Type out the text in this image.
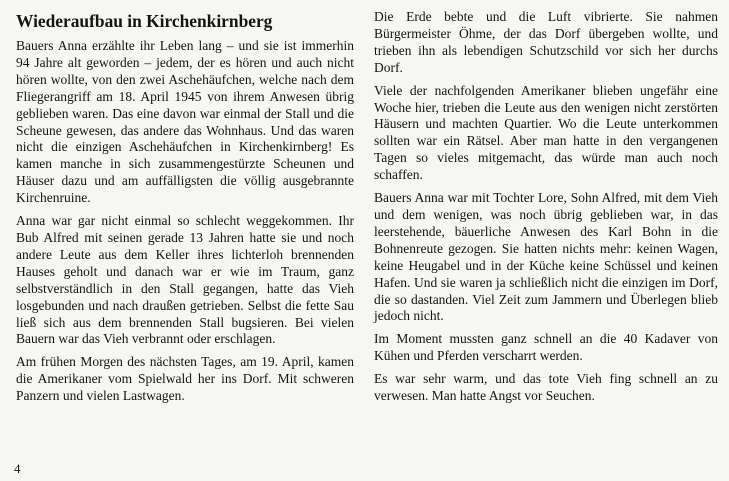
Wiederaufbau in Kirchenkirnberg

Bauers Anna erzählte ihr Leben lang – und sie ist immerhin 94 Jahre alt geworden – jedem, der es hören und auch nicht hören wollte, von den zwei Aschehäufchen, welche nach dem Fliegerangriff am 18. April 1945 von ihrem Anwesen übrig geblieben waren. Das eine davon war einmal der Stall und die Scheune gewesen, das andere das Wohnhaus. Und das waren nicht die einzigen Aschehäufchen in Kirchenkirnberg! Es kamen manche in sich zusammengestürzte Scheunen und Häuser dazu und am auffälligsten die völlig ausgebrannte Kirchenruine.

Anna war gar nicht einmal so schlecht weggekommen. Ihr Bub Alfred mit seinen gerade 13 Jahren hatte sie und noch andere Leute aus dem Keller ihres lichterloh brennenden Hauses geholt und danach war er wie im Traum, ganz selbstverständlich in den Stall gegangen, hatte das Vieh losgebunden und nach draußen getrieben. Selbst die fette Sau ließ sich aus dem brennenden Stall bugsieren. Bei vielen Bauern war das Vieh verbrannt oder erschlagen.

Am frühen Morgen des nächsten Tages, am 19. April, kamen die Amerikaner vom Spielwald her ins Dorf. Mit schweren Panzern und vielen Lastwagen.

Die Erde bebte und die Luft vibrierte. Sie nahmen Bürgermeister Öhme, der das Dorf übergeben wollte, und trieben ihn als lebendigen Schutzschild vor sich her durchs Dorf.

Viele der nachfolgenden Amerikaner blieben ungefähr eine Woche hier, trieben die Leute aus den wenigen nicht zerstörten Häusern und machten Quartier. Wo die Leute unterkommen sollten war ein Rätsel. Aber man hatte in den vergangenen Tagen so vieles mitgemacht, das würde man auch noch schaffen.

Bauers Anna war mit Tochter Lore, Sohn Alfred, mit dem Vieh und dem wenigen, was noch übrig geblieben war, in das leerstehende, bäuerliche Anwesen des Karl Bohn in die Bohnenreute gezogen. Sie hatten nichts mehr: keinen Wagen, keine Heugabel und in der Küche keine Schüssel und keinen Hafen. Und sie waren ja schließlich nicht die einzigen im Dorf, die so dastanden. Viel Zeit zum Jammern und Überlegen blieb jedoch nicht.

Im Moment mussten ganz schnell an die 40 Kadaver von Kühen und Pferden verscharrt werden.

Es war sehr warm, und das tote Vieh fing schnell an zu verwesen. Man hatte Angst vor Seuchen.

4
